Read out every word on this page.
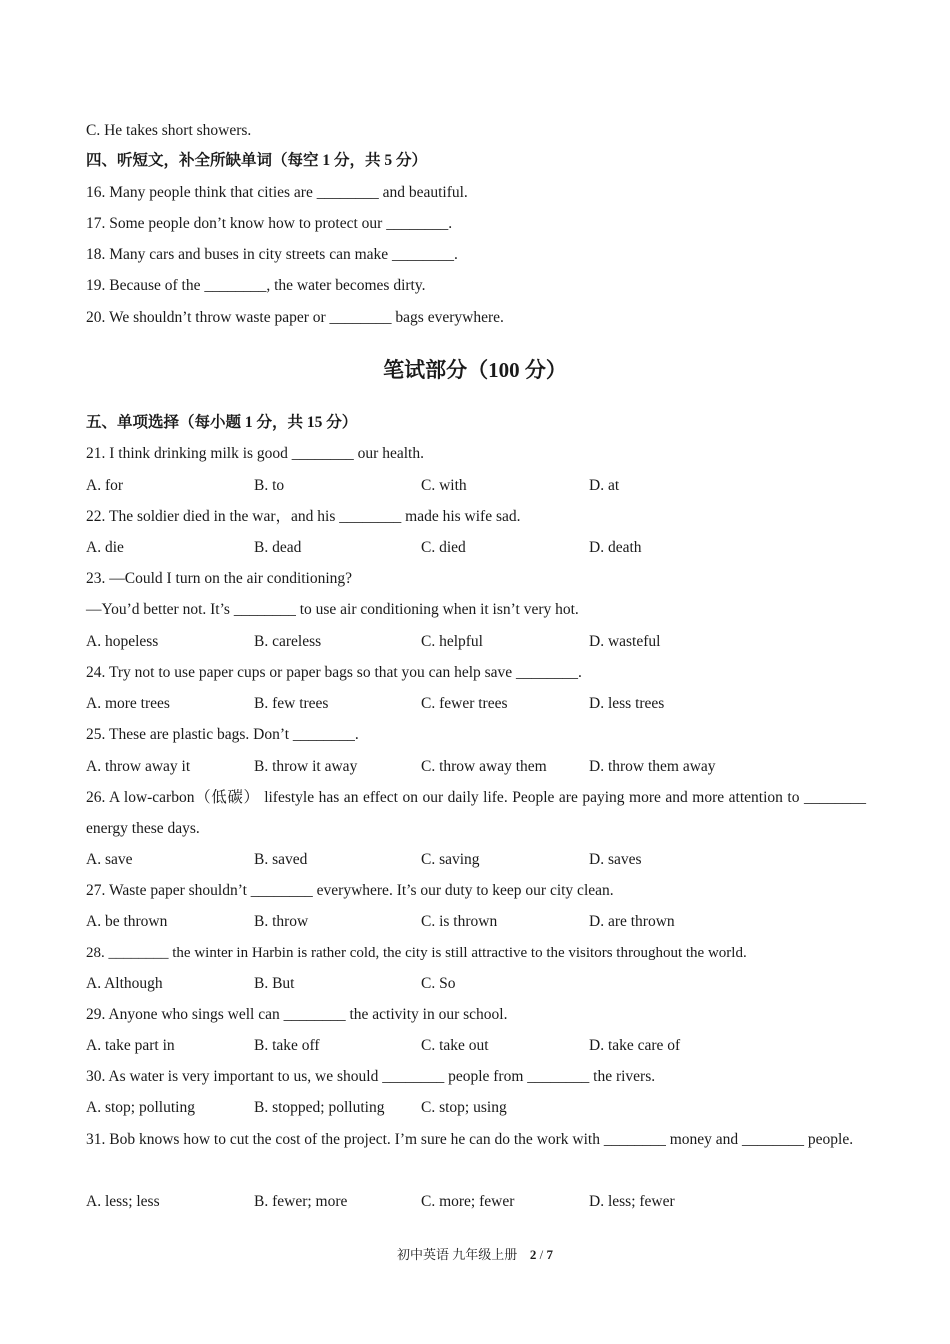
C. He takes short showers.
四、听短文，补全所缺单词（每空 1 分，共 5 分）
16. Many people think that cities are ________ and beautiful.
17. Some people don’t know how to protect our ________.
18. Many cars and buses in city streets can make ________.
19. Because of the ________, the water becomes dirty.
20. We shouldn’t throw waste paper or ________ bags everywhere.
笔试部分（100 分）
五、单项选择（每小题 1 分，共 15 分）
21. I think drinking milk is good ________ our health.
A. for	B. to	C. with	D. at
22. The soldier died in the war，and his ________ made his wife sad.
A. die	B. dead	C. died	D. death
23. —Could I turn on the air conditioning?
—You’d better not. It’s ________ to use air conditioning when it isn’t very hot.
A. hopeless	B. careless	C. helpful	D. wasteful
24. Try not to use paper cups or paper bags so that you can help save ________.
A. more trees	B. few trees	C. fewer trees	D. less trees
25. These are plastic bags. Don’t ________.
A. throw away it	B. throw it away	C. throw away them	D. throw them away
26. A low-carbon（低碳） lifestyle has an effect on our daily life. People are paying more and more attention to ________ energy these days.
A. save	B. saved	C. saving	D. saves
27. Waste paper shouldn’t ________ everywhere. It’s our duty to keep our city clean.
A. be thrown	B. throw	C. is thrown	D. are thrown
28. ________ the winter in Harbin is rather cold, the city is still attractive to the visitors throughout the world.
A. Although	B. But	C. So
29. Anyone who sings well can ________ the activity in our school.
A. take part in	B. take off	C. take out	D. take care of
30. As water is very important to us, we should ________ people from ________ the rivers.
A. stop; polluting	B. stopped; polluting C. stop; using
31. Bob knows how to cut the cost of the project. I’m sure he can do the work with ________ money and ________ people.
A. less; less	B. fewer; more	C. more; fewer	D. less; fewer
初中英语 九年级上册 2 / 7
